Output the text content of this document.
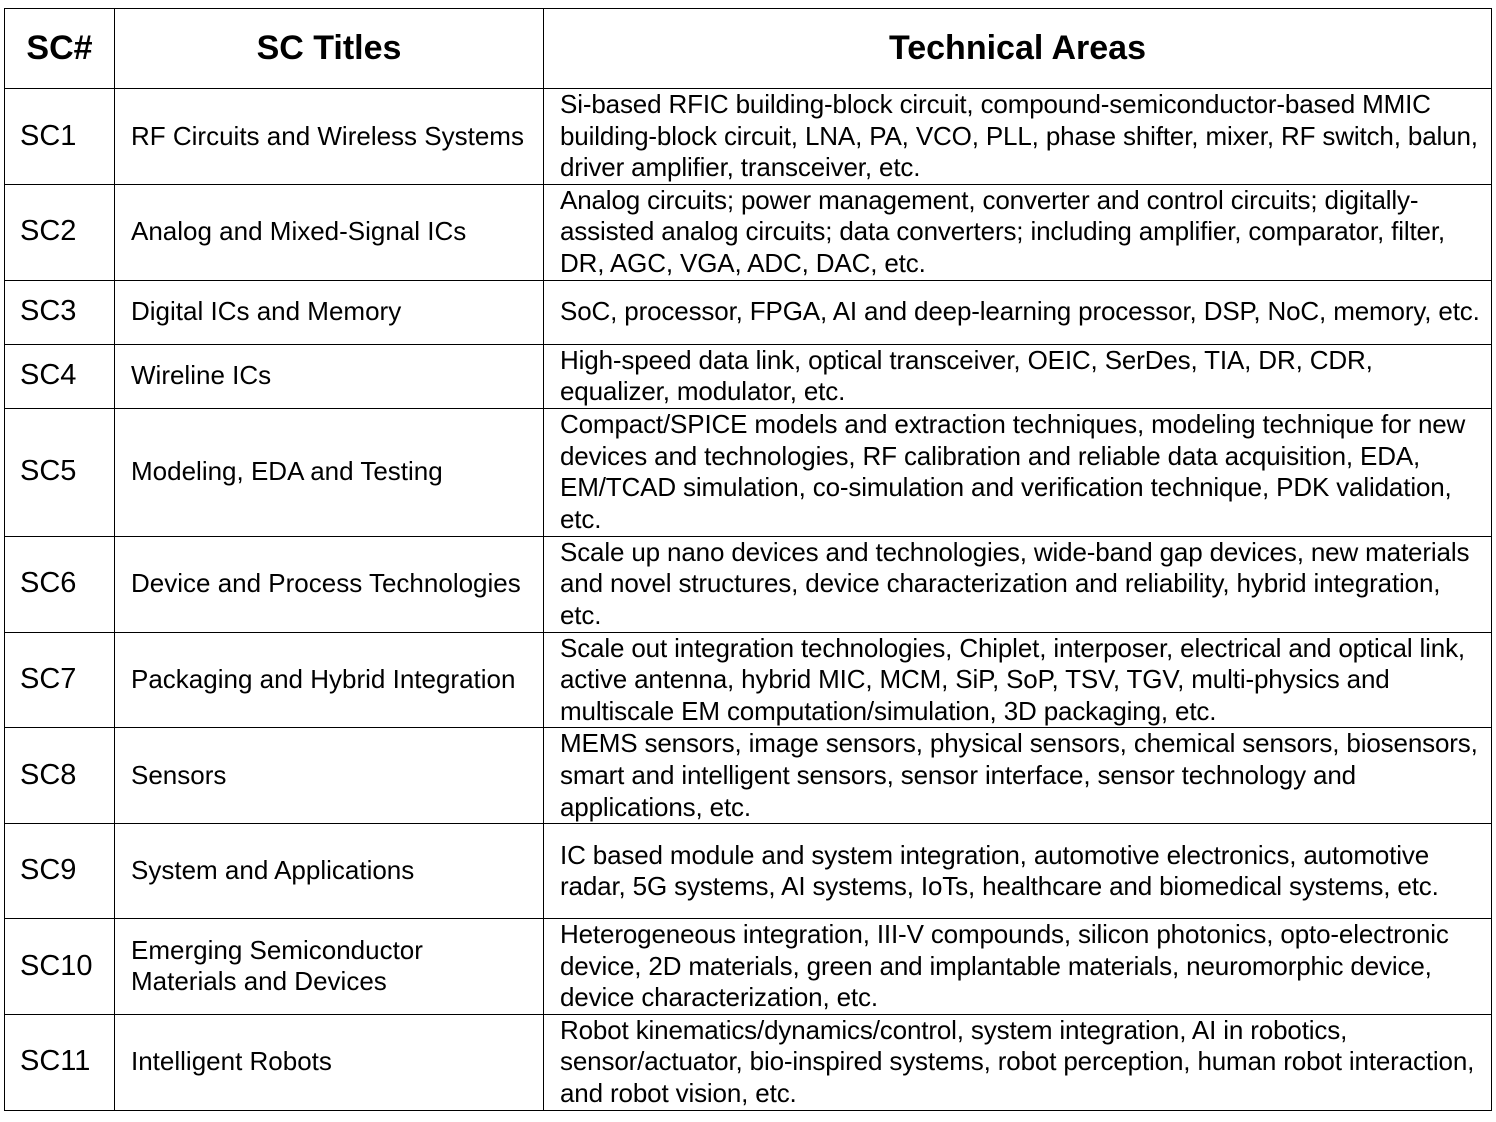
SC#	SC Titles	Technical Areas
SC1	RF Circuits and Wireless Systems	Si-based RFIC building-block circuit, compound-semiconductor-based MMIC building-block circuit, LNA, PA, VCO, PLL, phase shifter, mixer, RF switch, balun, driver amplifier, transceiver, etc.
SC2	Analog and Mixed-Signal ICs	Analog circuits; power management, converter and control circuits; digitally-assisted analog circuits; data converters; including amplifier, comparator, filter, DR, AGC, VGA, ADC, DAC, etc.
SC3	Digital ICs and Memory	SoC, processor, FPGA, AI and deep-learning processor, DSP, NoC, memory, etc.
SC4	Wireline ICs	High-speed data link, optical transceiver, OEIC, SerDes, TIA, DR, CDR, equalizer, modulator, etc.
SC5	Modeling, EDA and Testing	Compact/SPICE models and extraction techniques, modeling technique for new devices and technologies, RF calibration and reliable data acquisition, EDA, EM/TCAD simulation, co-simulation and verification technique, PDK validation, etc.
SC6	Device and Process Technologies	Scale up nano devices and technologies, wide-band gap devices, new materials and novel structures, device characterization and reliability, hybrid integration, etc.
SC7	Packaging and Hybrid Integration	Scale out integration technologies, Chiplet, interposer, electrical and optical link, active antenna, hybrid MIC, MCM, SiP, SoP, TSV, TGV, multi-physics and multiscale EM computation/simulation, 3D packaging, etc.
SC8	Sensors	MEMS sensors, image sensors, physical sensors, chemical sensors, biosensors, smart and intelligent sensors, sensor interface, sensor technology and applications, etc.
SC9	System and Applications	IC based module and system integration, automotive electronics, automotive radar, 5G systems, AI systems, IoTs, healthcare and biomedical systems, etc.
SC10	Emerging Semiconductor Materials and Devices	Heterogeneous integration, III-V compounds, silicon photonics, opto-electronic device, 2D materials, green and implantable materials, neuromorphic device, device characterization, etc.
SC11	Intelligent Robots	Robot kinematics/dynamics/control, system integration, AI in robotics, sensor/actuator, bio-inspired systems, robot perception, human robot interaction, and robot vision, etc.
